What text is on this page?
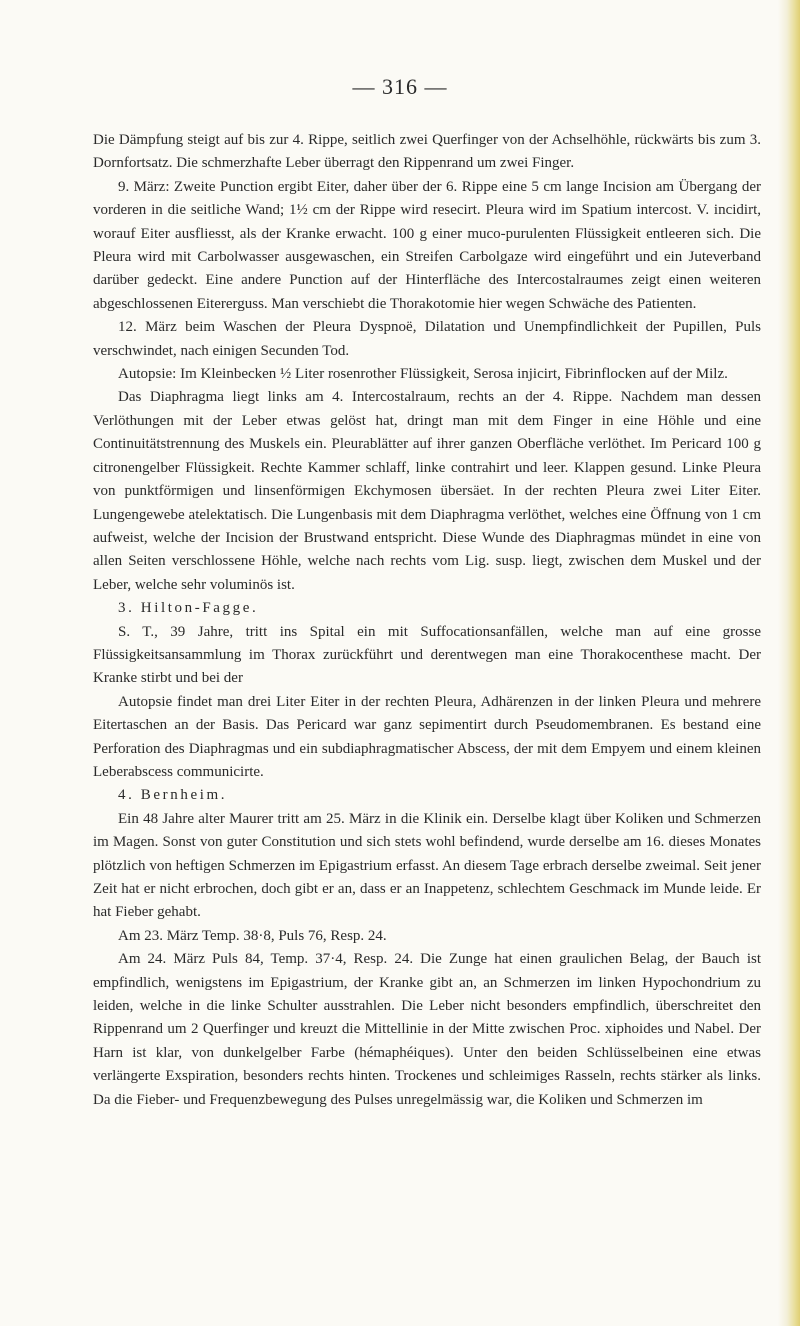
— 316 —

Die Dämpfung steigt auf bis zur 4. Rippe, seitlich zwei Querfinger von der Achselhöhle, rückwärts bis zum 3. Dornfortsatz. Die schmerzhafte Leber überragt den Rippenrand um zwei Finger.

9. März: Zweite Punction ergibt Eiter, daher über der 6. Rippe eine 5 cm lange Incision am Übergang der vorderen in die seitliche Wand; 1½ cm der Rippe wird resecirt. Pleura wird im Spatium intercost. V. incidirt, worauf Eiter ausfliesst, als der Kranke erwacht. 100 g einer muco-purulenten Flüssigkeit entleeren sich. Die Pleura wird mit Carbolwasser ausgewaschen, ein Streifen Carbolgaze wird eingeführt und ein Juteverband darüber gedeckt. Eine andere Punction auf der Hinterfläche des Intercostalraumes zeigt einen weiteren abgeschlossenen Eitererguss. Man verschiebt die Thorakotomie hier wegen Schwäche des Patienten.

12. März beim Waschen der Pleura Dyspnoë, Dilatation und Unempfindlichkeit der Pupillen, Puls verschwindet, nach einigen Secunden Tod.

Autopsie: Im Kleinbecken ½ Liter rosenrother Flüssigkeit, Serosa injicirt, Fibrinflocken auf der Milz.

Das Diaphragma liegt links am 4. Intercostalraum, rechts an der 4. Rippe. Nachdem man dessen Verlöthungen mit der Leber etwas gelöst hat, dringt man mit dem Finger in eine Höhle und eine Continuitätstrennung des Muskels ein. Pleurablätter auf ihrer ganzen Oberfläche verlöthet. Im Pericard 100 g citronengelber Flüssigkeit. Rechte Kammer schlaff, linke contrahirt und leer. Klappen gesund. Linke Pleura von punktförmigen und linsenförmigen Ekchymosen übersäet. In der rechten Pleura zwei Liter Eiter. Lungengewebe atelektatisch. Die Lungenbasis mit dem Diaphragma verlöthet, welches eine Öffnung von 1 cm aufweist, welche der Incision der Brustwand entspricht. Diese Wunde des Diaphragmas mündet in eine von allen Seiten verschlossene Höhle, welche nach rechts vom Lig. susp. liegt, zwischen dem Muskel und der Leber, welche sehr voluminös ist.

3. Hilton-Fagge.

S. T., 39 Jahre, tritt ins Spital ein mit Suffocationsanfällen, welche man auf eine grosse Flüssigkeitsansammlung im Thorax zurückführt und derentwegen man eine Thorakocenthese macht. Der Kranke stirbt und bei der

Autopsie findet man drei Liter Eiter in der rechten Pleura, Adhärenzen in der linken Pleura und mehrere Eitertaschen an der Basis. Das Pericard war ganz sepimentirt durch Pseudomembranen. Es bestand eine Perforation des Diaphragmas und ein subdiaphragmatischer Abscess, der mit dem Empyem und einem kleinen Leberabscess communicirte.

4. Bernheim.

Ein 48 Jahre alter Maurer tritt am 25. März in die Klinik ein. Derselbe klagt über Koliken und Schmerzen im Magen. Sonst von guter Constitution und sich stets wohl befindend, wurde derselbe am 16. dieses Monates plötzlich von heftigen Schmerzen im Epigastrium erfasst. An diesem Tage erbrach derselbe zweimal. Seit jener Zeit hat er nicht erbrochen, doch gibt er an, dass er an Inappetenz, schlechtem Geschmack im Munde leide. Er hat Fieber gehabt.

Am 23. März Temp. 38·8, Puls 76, Resp. 24.

Am 24. März Puls 84, Temp. 37·4, Resp. 24. Die Zunge hat einen graulichen Belag, der Bauch ist empfindlich, wenigstens im Epigastrium, der Kranke gibt an, an Schmerzen im linken Hypochondrium zu leiden, welche in die linke Schulter ausstrahlen. Die Leber nicht besonders empfindlich, überschreitet den Rippenrand um 2 Querfinger und kreuzt die Mittellinie in der Mitte zwischen Proc. xiphoides und Nabel. Der Harn ist klar, von dunkelgelber Farbe (hémaphéiques). Unter den beiden Schlüsselbeinen eine etwas verlängerte Exspiration, besonders rechts hinten. Trockenes und schleimiges Rasseln, rechts stärker als links. Da die Fieber- und Frequenzbewegung des Pulses unregelmässig war, die Koliken und Schmerzen im
